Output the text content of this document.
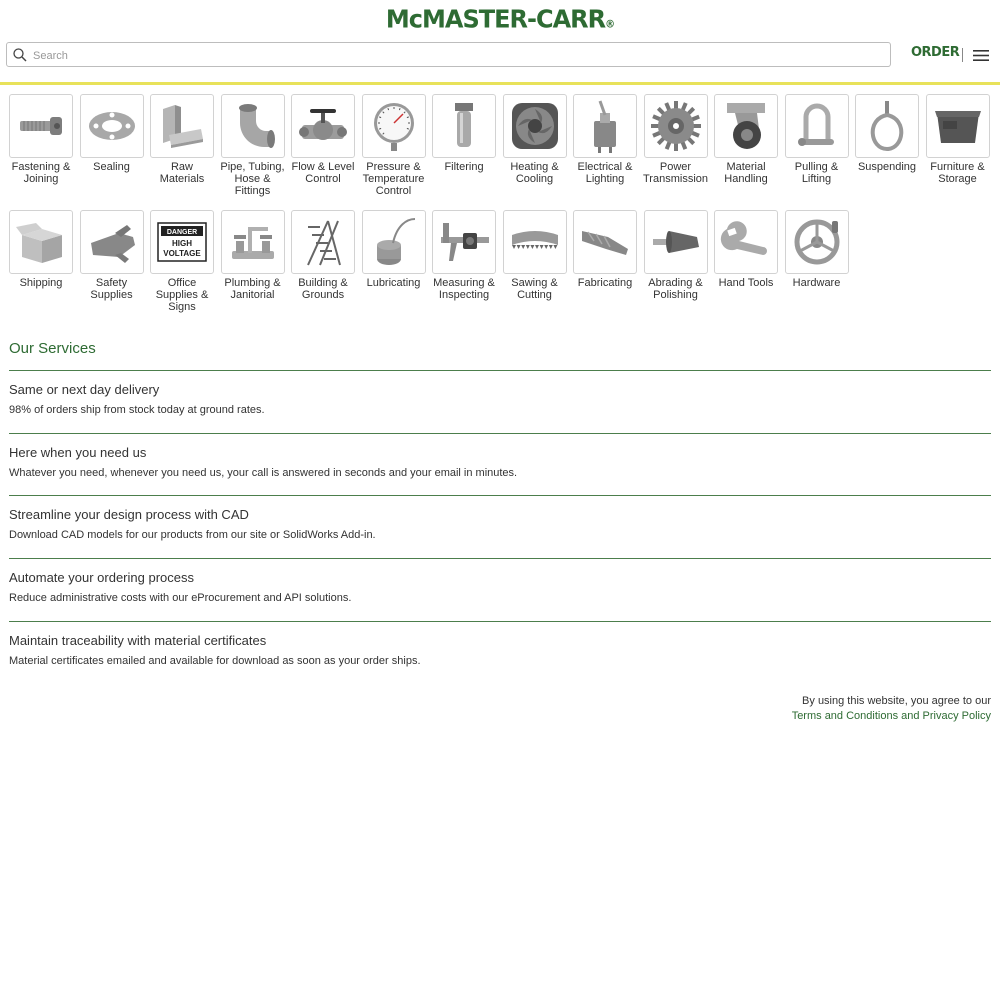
McMASTER-CARR®
Search
ORDER
Fastening & Joining
Sealing	Raw Materials
Pipe, Tubing, Hose & Fittings
Flow & Level Control
Pressure & Temperature Control
Filtering	Heating & Cooling
Electrical & Lighting
Power Transmission
Material Handling
Pulling & Lifting
Suspending	Furniture & Storage
Shipping	Safety Supplies
DANGER
HIGH
VOLTAGE
Office Supplies & Signs
Plumbing & Janitorial
Building & Grounds
Lubricating	Measuring & Inspecting
Sawing & Cutting
Fabricating	Abrading & Polishing
Hand Tools	Hardware
Our Services
Same or next day delivery

98% of orders ship from stock today at ground rates.

Here when you need us

Whatever you need, whenever you need us, your call is answered in seconds and your email in minutes.

Streamline your design process with CAD

Download CAD models for our products from our site or SolidWorks Add-in.

Automate your ordering process

Reduce administrative costs with our eProcurement and API solutions.

Maintain traceability with material certificates

Material certificates emailed and available for download as soon as your order ships.

By using this website, you agree to our
Terms and Conditions and Privacy Policy
